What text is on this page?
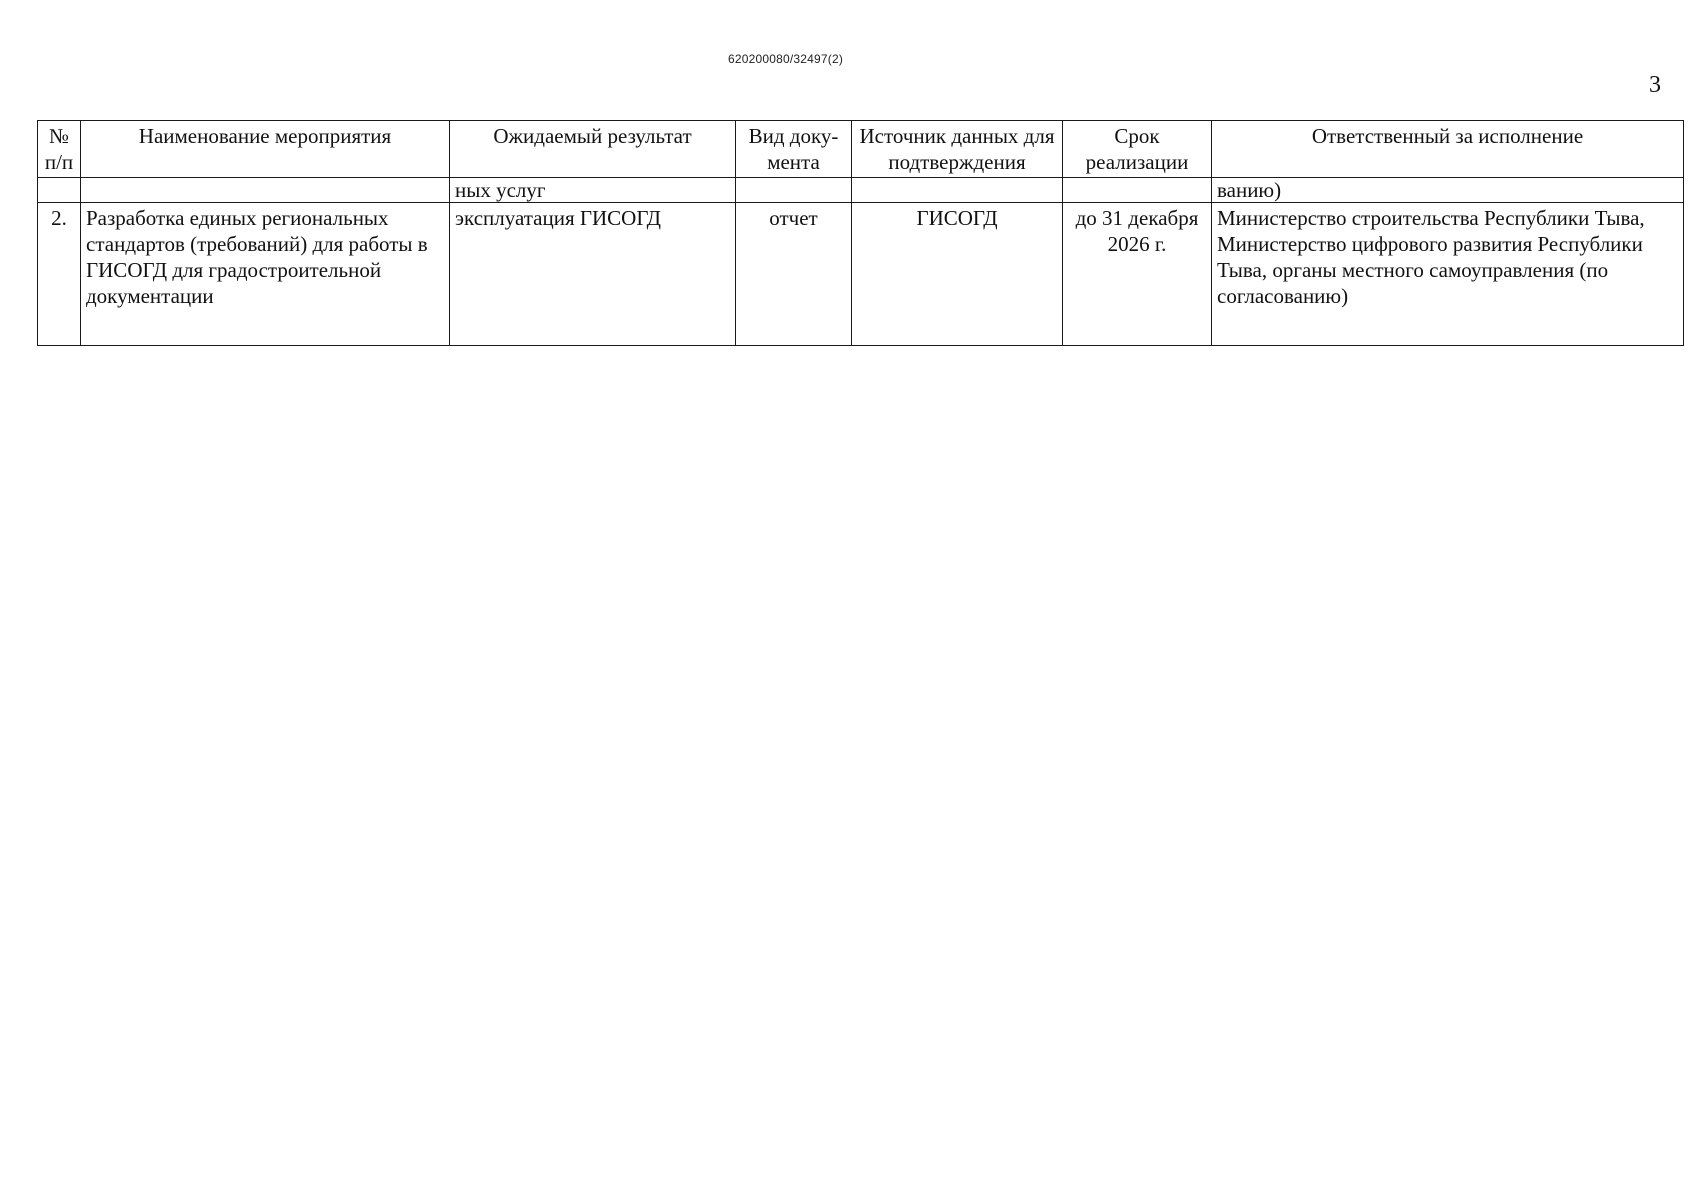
620200080/32497(2)
3
№ п/п	Наименование мероприятия	Ожидаемый результат	Вид доку-мента	Источник данных для подтверждения	Срок реализации	Ответственный за исполнение
		ных услуг				ванию)
2.	Разработка единых региональных стандартов (требований) для работы в ГИСОГД для градостроительной документации	эксплуатация ГИСОГД	отчет	ГИСОГД	до 31 декабря 2026 г.	Министерство строительства Республики Тыва, Министерство цифрового развития Республики Тыва, органы местного самоуправления (по согласованию)
